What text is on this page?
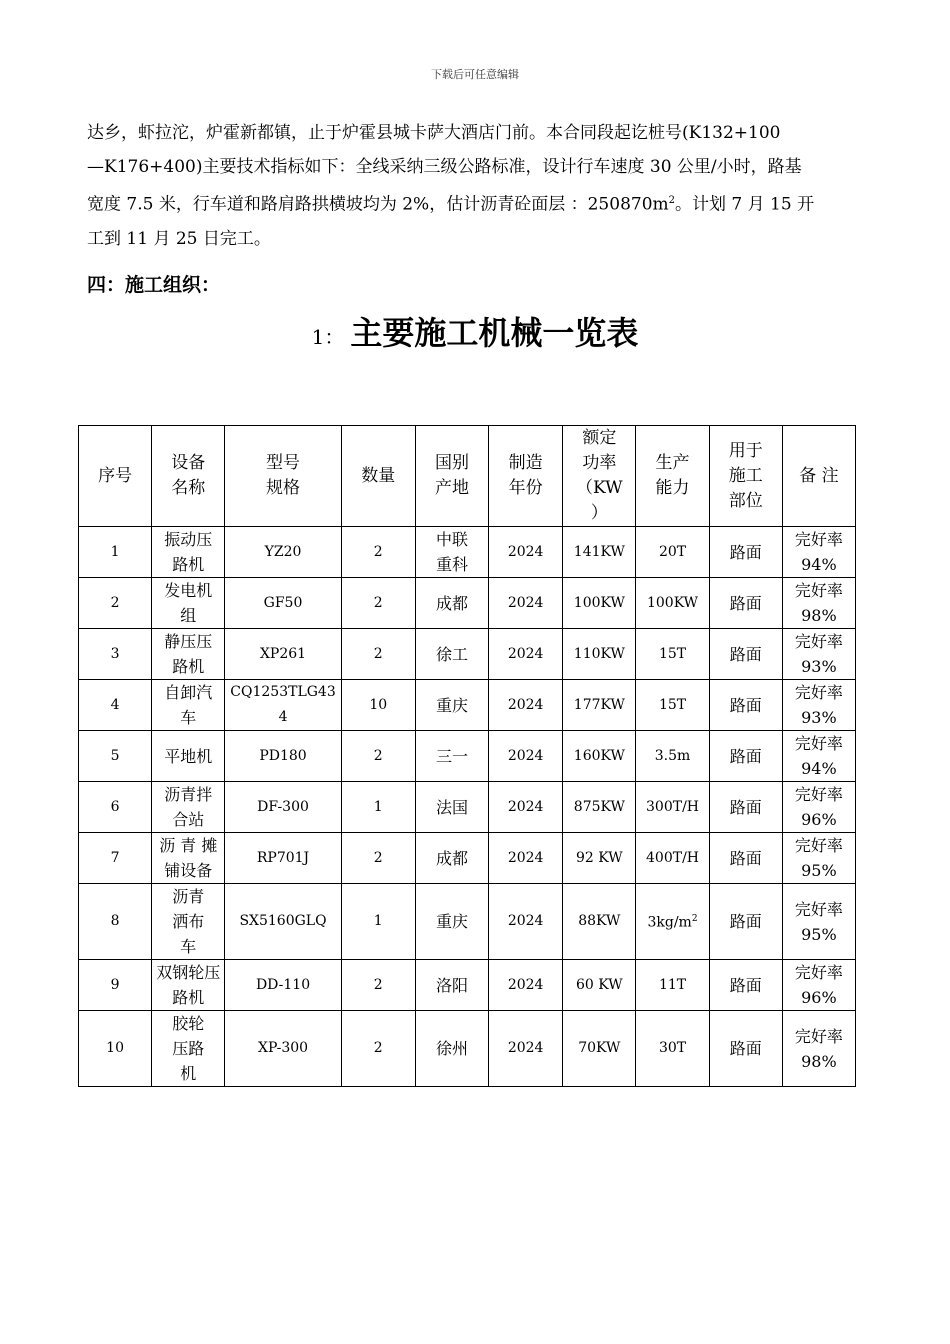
下载后可任意编辑
达乡，虾拉沱，炉霍新都镇，止于炉霍县城卡萨大酒店门前。本合同段起讫桩号(K132+100
—K176+400)主要技术指标如下：全线采纳三级公路标准，设计行车速度 30 公里/小时，路基
宽度 7.5 米，行车道和路肩路拱横坡均为 2%，估计沥青砼面层 ：$250870m^2$。计划 7 月 15 开
工到 11 月 25 日完工。
四：施工组织：
1： 主要施工机械一览表
序号	设备
名称	型号
规格	数量	国别
产地	制造
年份	额定
功率
（KW
）	生产
能力	用于
施工
部位	备 注

1	振动压
路机	YZ20	2	中联
重科	2024	141KW	20T	路面	完好率
94%

2	发电机
组	GF50	2	成都	2024	100KW	100KW	路面	完好率
98%

3	静压压
路机	XP261	2	徐工	2024	110KW	15T	路面	完好率
93%

4	自卸汽
车	CQ1253TLG43
4	10	重庆	2024	177KW	15T	路面	完好率
93%

5	平地机	PD180	2	三一	2024	160KW	3.5m	路面	完好率
94%

6	沥青拌
合站	DF-300	1	法国	2024	875KW	300T/H	路面	完好率
96%

7	沥 青 摊
铺设备	RP701J	2	成都	2024	92 KW	400T/H	路面	完好率
95%

8	沥青
洒布
车	SX5160GLQ	1	重庆	2024	88KW	$3kg/m^2$	路面	完好率
95%

9	双钢轮压
路机	DD-110	2	洛阳	2024	60 KW	11T	路面	完好率
96%

10	胶轮
压路
机	XP-300	2	徐州	2024	70KW	30T	路面	完好率
98%
